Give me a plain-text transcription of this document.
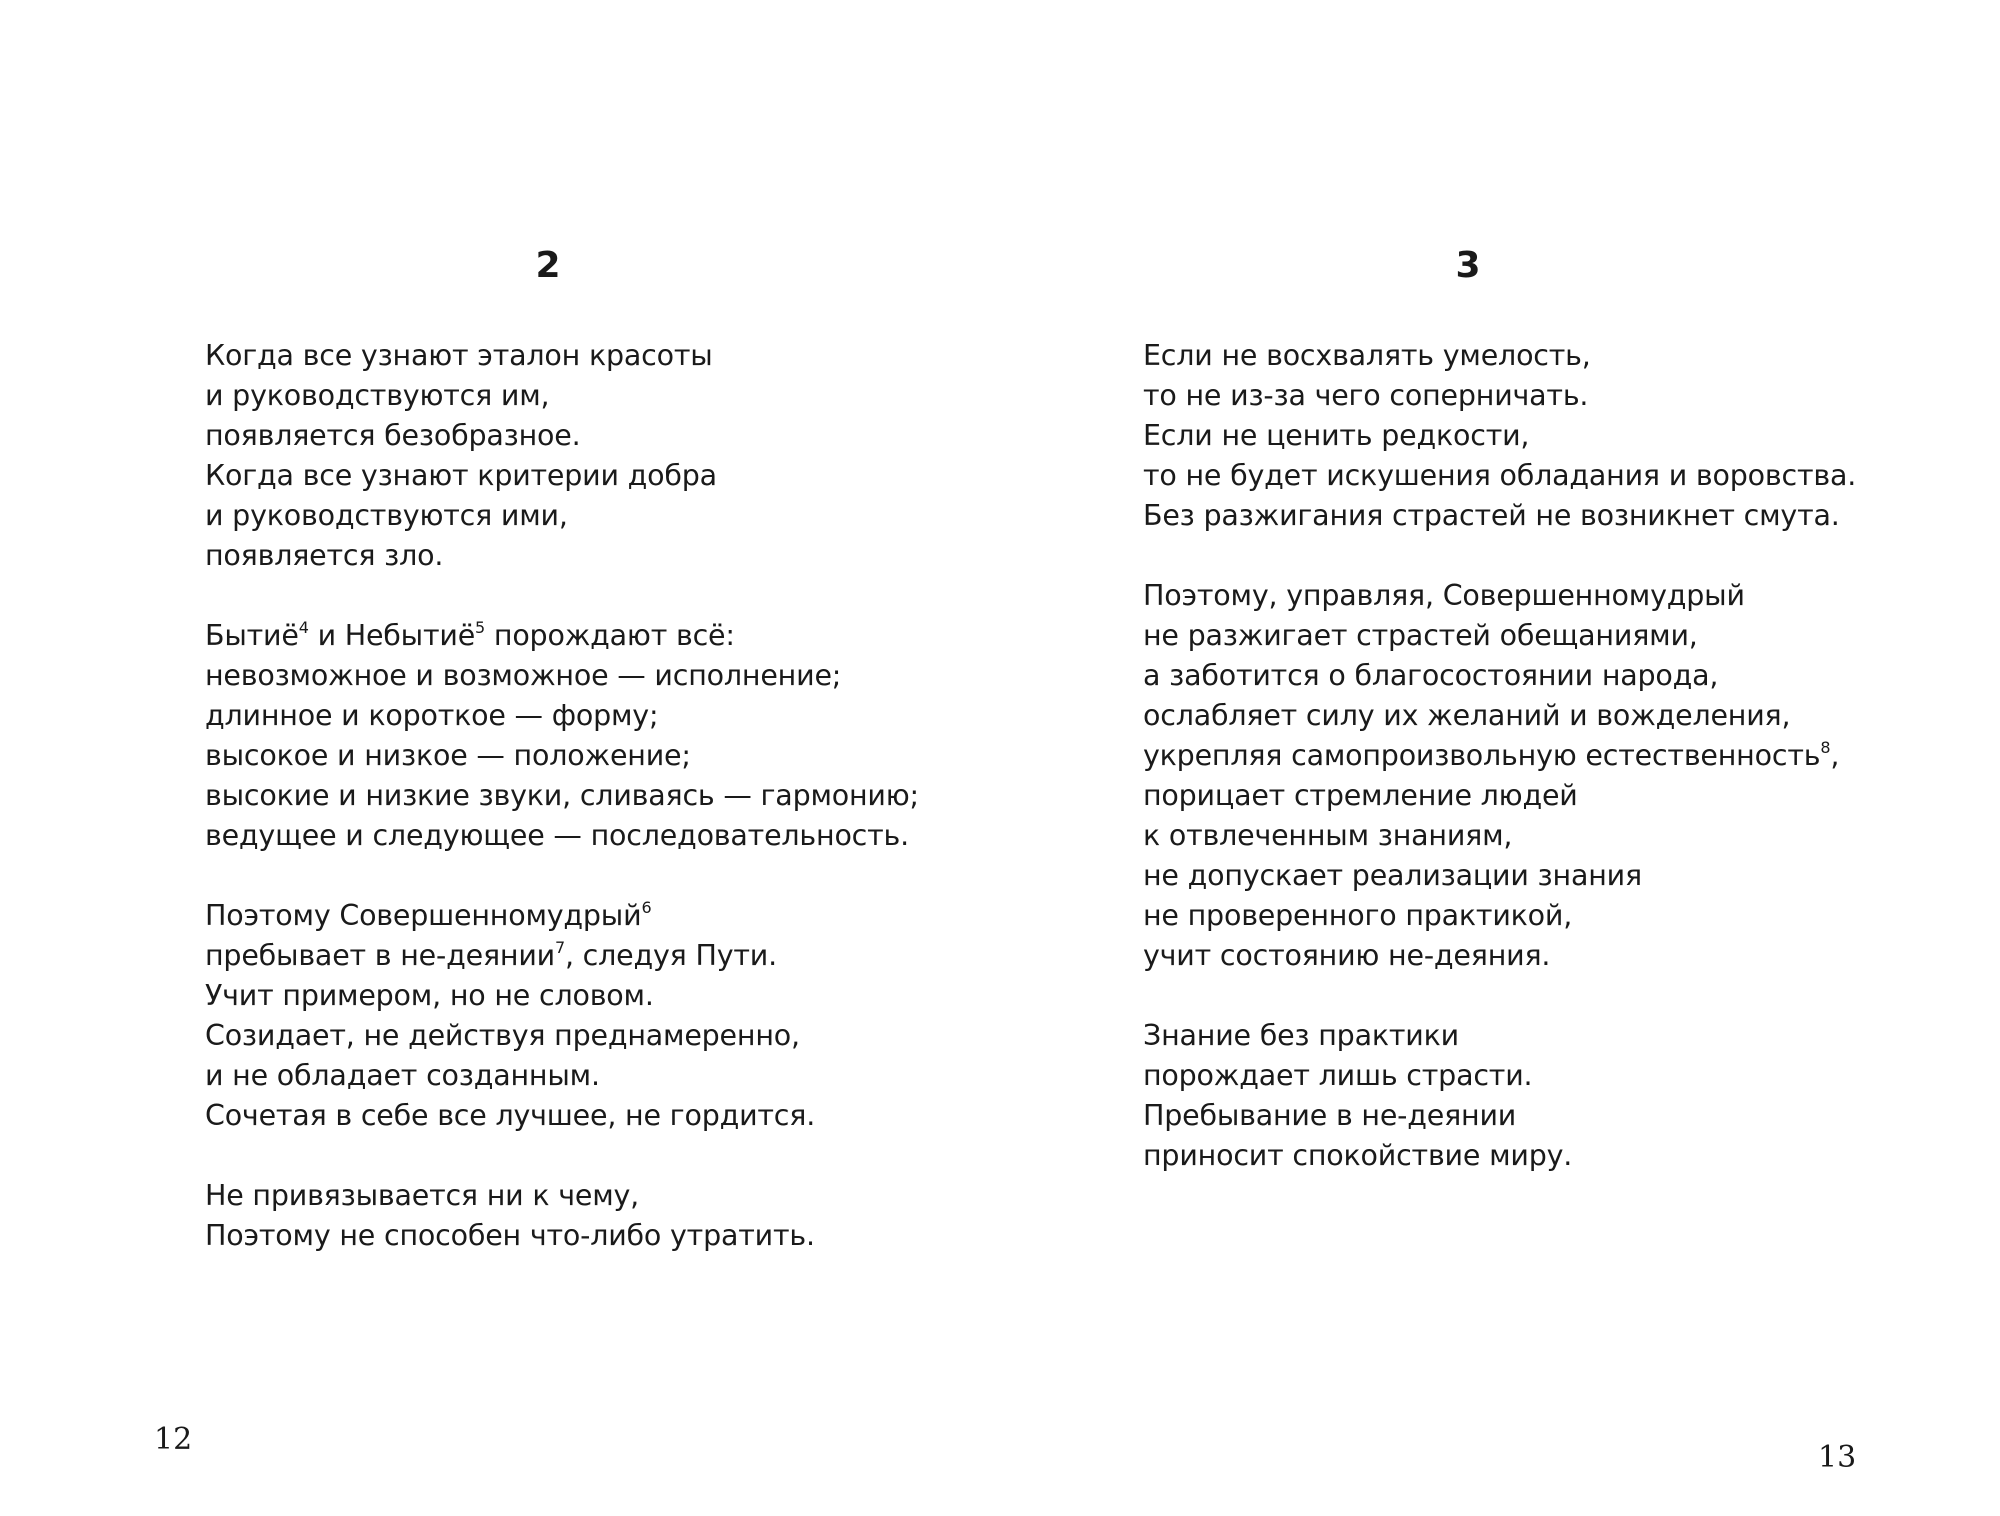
2
Когда все узнают эталон красоты
и руководствуются им,
появляется безобразное.
Когда все узнают критерии добра
и руководствуются ими,
появляется зло.
Бытиё$^4$ и Небытиё$^5$ порождают всё:
невозможное и возможное — исполнение;
длинное и короткое — форму;
высокое и низкое — положение;
высокие и низкие звуки, сливаясь — гармонию;
ведущее и следующее — последовательность.
Поэтому Совершенномудрый$^6$
пребывает в не-деянии$^7$, следуя Пути.
Учит примером, но не словом.
Созидает, не действуя преднамеренно,
и не обладает созданным.
Сочетая в себе все лучшее, не гордится.
Не привязывается ни к чему,
Поэтому не способен что-либо утратить.
12
3
Если не восхвалять умелость,
то не из-за чего соперничать.
Если не ценить редкости,
то не будет искушения обладания и воровства.
Без разжигания страстей не возникнет смута.
Поэтому, управляя, Совершенномудрый
не разжигает страстей обещаниями,
а заботится о благосостоянии народа,
ослабляет силу их желаний и вожделения,
укрепляя самопроизвольную естественность$^8$,
порицает стремление людей
к отвлеченным знаниям,
не допускает реализации знания
не проверенного практикой,
учит состоянию не-деяния.
Знание без практики
порождает лишь страсти.
Пребывание в не-деянии
приносит спокойствие миру.
13
